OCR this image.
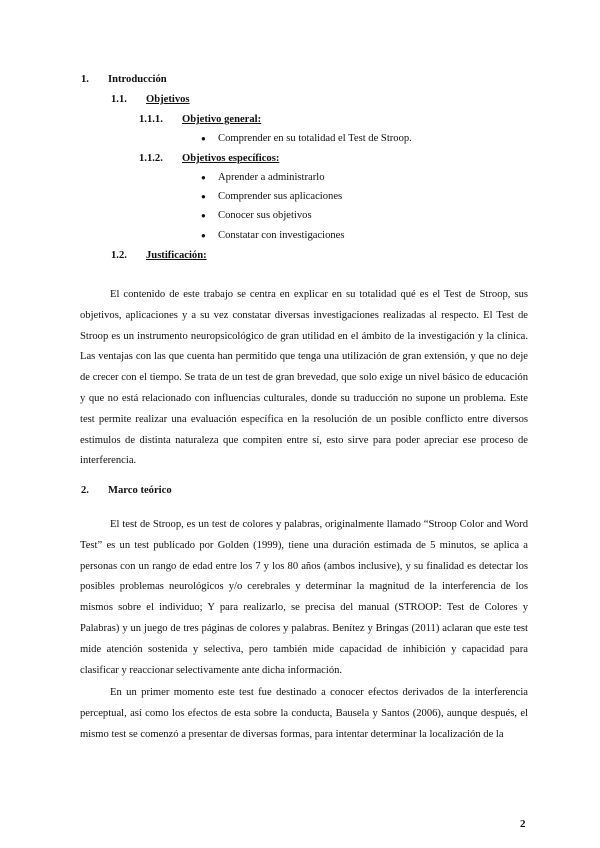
1. Introducción
1.1. Objetivos
1.1.1. Objetivo general:
● Comprender en su totalidad el Test de Stroop.
1.1.2. Objetivos específicos:
● Aprender a administrarlo
● Comprender sus aplicaciones
● Conocer sus objetivos
● Constatar con investigaciones
1.2. Justificación:

El contenido de este trabajo se centra en explicar en su totalidad qué es el Test de Stroop, sus objetivos, aplicaciones y a su vez constatar diversas investigaciones realizadas al respecto. El Test de Stroop es un instrumento neuropsicológico de gran utilidad en el ámbito de la investigación y la clínica. Las ventajas con las que cuenta han permitido que tenga una utilización de gran extensión, y que no deje de crecer con el tiempo. Se trata de un test de gran brevedad, que solo exige un nivel básico de educación y que no está relacionado con influencias culturales, donde su traducción no supone un problema. Este test permite realizar una evaluación específica en la resolución de un posible conflicto entre diversos estímulos de distinta naturaleza que compiten entre sí, esto sirve para poder apreciar ese proceso de interferencia.

2. Marco teórico

El test de Stroop, es un test de colores y palabras, originalmente llamado “Stroop Color and Word Test” es un test publicado por Golden (1999), tiene una duración estimada de 5 minutos, se aplica a personas con un rango de edad entre los 7 y los 80 años (ambos inclusive), y su finalidad es detectar los posibles problemas neurológicos y/o cerebrales y determinar la magnitud de la interferencia de los mismos sobre el individuo; Y para realizarlo, se precisa del manual (STROOP: Test de Colores y Palabras) y un juego de tres páginas de colores y palabras. Benítez y Bringas (2011) aclaran que este test mide atención sostenida y selectiva, pero también mide capacidad de inhibición y capacidad para clasificar y reaccionar selectivamente ante dicha información.

En un primer momento este test fue destinado a conocer efectos derivados de la interferencia perceptual, así como los efectos de esta sobre la conducta, Bausela y Santos (2006), aunque después, el mismo test se comenzó a presentar de diversas formas, para intentar determinar la localización de la

2
